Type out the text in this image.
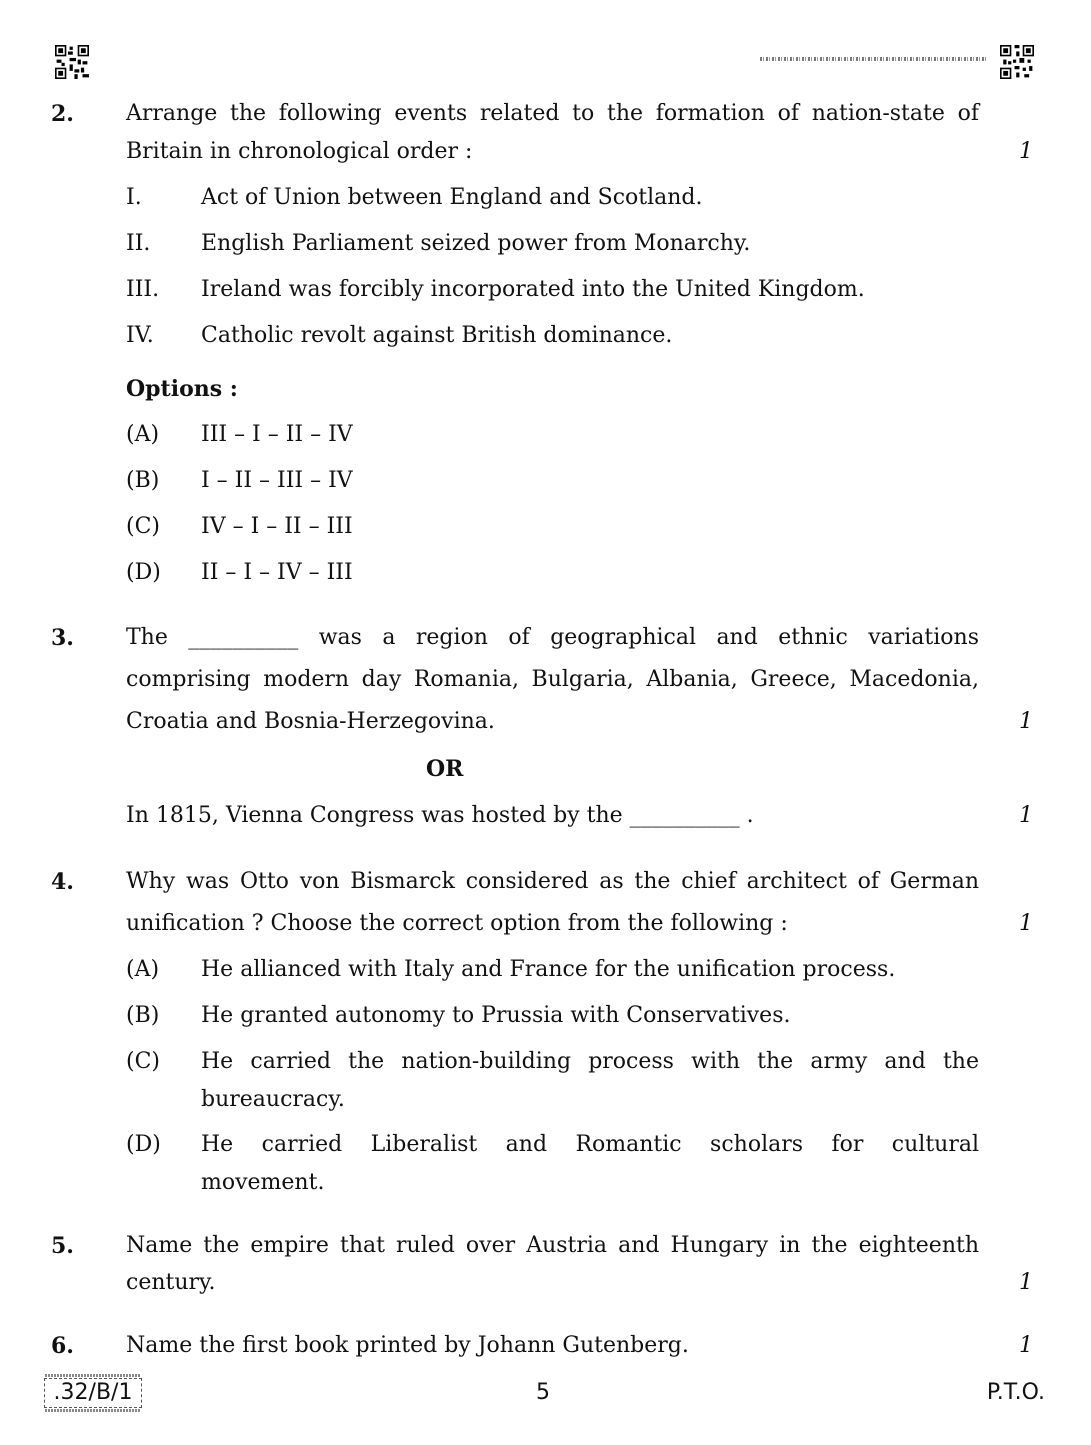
2. Arrange the following events related to the formation of nation-state of
Britain in chronological order :	1
I.	Act of Union between England and Scotland.
II. English Parliament seized power from Monarchy.
III. Ireland was forcibly incorporated into the United Kingdom.
IV. Catholic revolt against British dominance.
Options :
(A) III – I – II – IV
(B) I – II – III – IV
(C) IV – I – II – III
(D) II – I – IV – III
3. The __________ was a region of geographical and ethnic variations
comprising modern day Romania, Bulgaria, Albania, Greece, Macedonia,
Croatia and Bosnia-Herzegovina.	1
OR
In 1815, Vienna Congress was hosted by the __________ .	1
4. Why was Otto von Bismarck considered as the chief architect of German
unification ? Choose the correct option from the following :	1
(A) He allianced with Italy and France for the unification process.
(B) He granted autonomy to Prussia with Conservatives.
(C) He carried the nation-building process with the army and the
bureaucracy.
(D) He carried Liberalist and Romantic scholars for cultural
movement.
5. Name the empire that ruled over Austria and Hungary in the eighteenth
century.	1
6. Name the first book printed by Johann Gutenberg.	1
.32/B/1	5	P.T.O.
